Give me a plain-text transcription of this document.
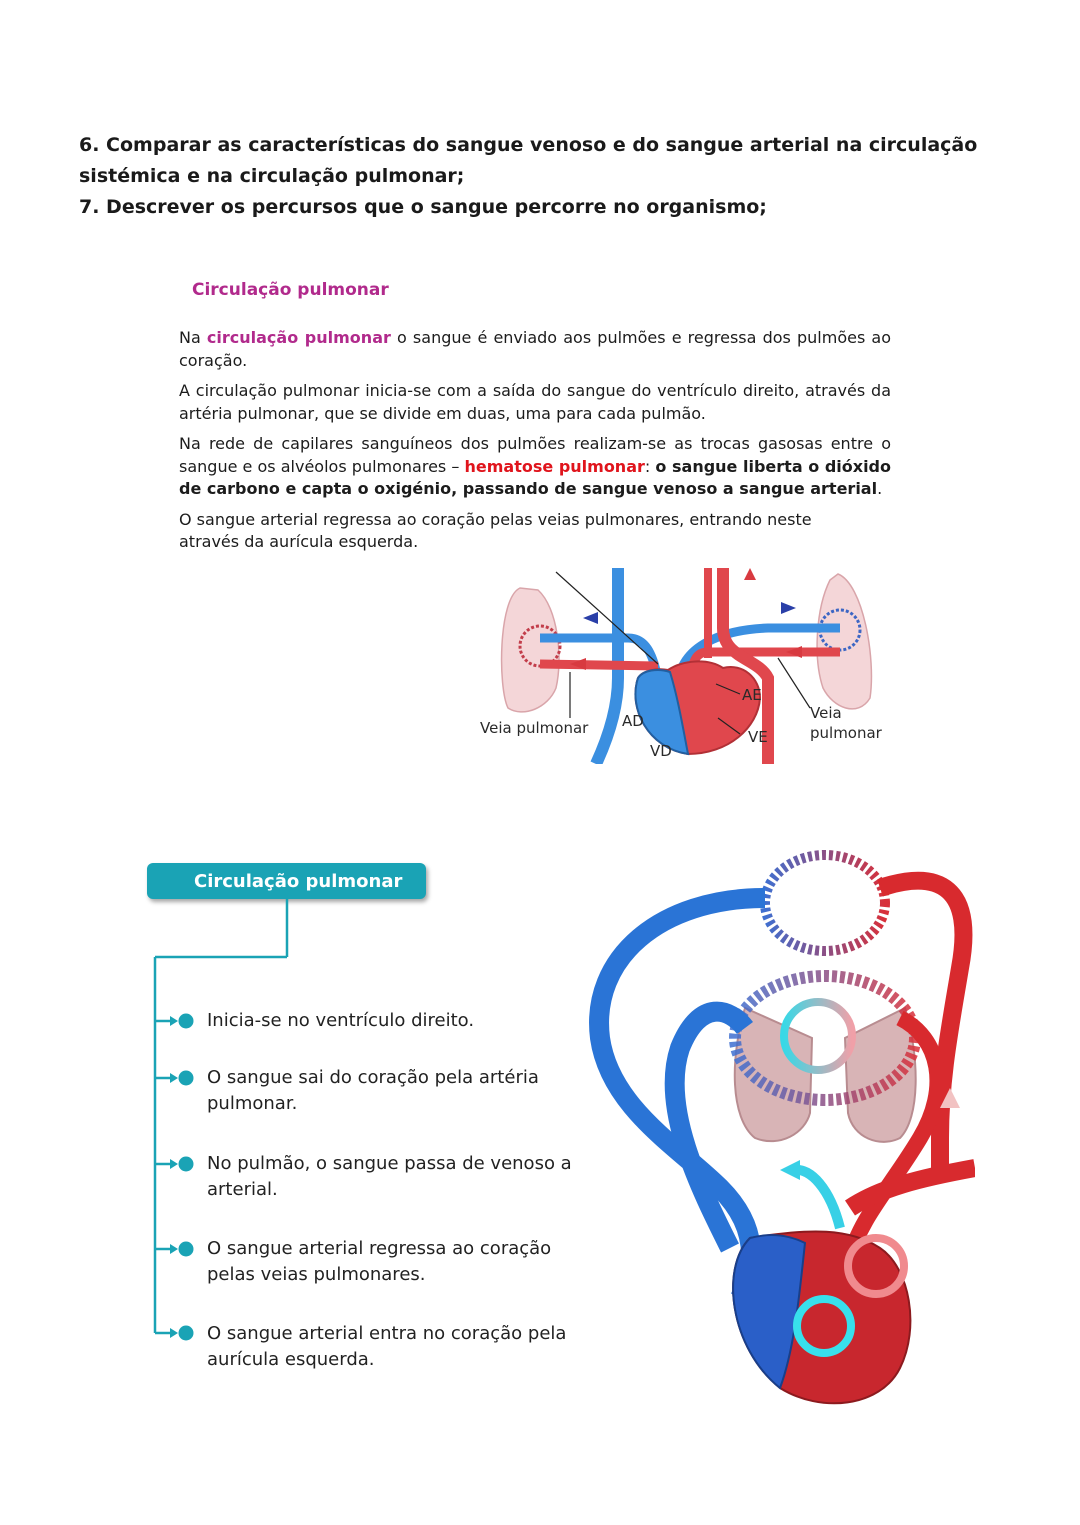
6. Comparar as características do sangue venoso e do sangue arterial na circulação sistémica e na circulação pulmonar;

7. Descrever os percursos que o sangue percorre no organismo;

Circulação pulmonar

Na circulação pulmonar o sangue é enviado aos pulmões e regressa dos pulmões ao coração.

A circulação pulmonar inicia-se com a saída do sangue do ventrículo direito, através da artéria pulmonar, que se divide em duas, uma para cada pulmão.

Na rede de capilares sanguíneos dos pulmões realizam-se as trocas gasosas entre o sangue e os alvéolos pulmonares – hematose pulmonar: o sangue liberta o dióxido de carbono e capta o oxigénio, passando de sangue venoso a sangue arterial.

O sangue arterial regressa ao coração pelas veias pulmonares, entrando neste
através da aurícula esquerda.

Veia pulmonar AD
VD
AE
VE
Veia
pulmonar
Circulação pulmonar
Inicia-se no ventrículo direito.
O sangue sai do coração pela artéria pulmonar.
No pulmão, o sangue passa de venoso a arterial.
O sangue arterial regressa ao coração pelas veias pulmonares.
O sangue arterial entra no coração pela aurícula esquerda.
